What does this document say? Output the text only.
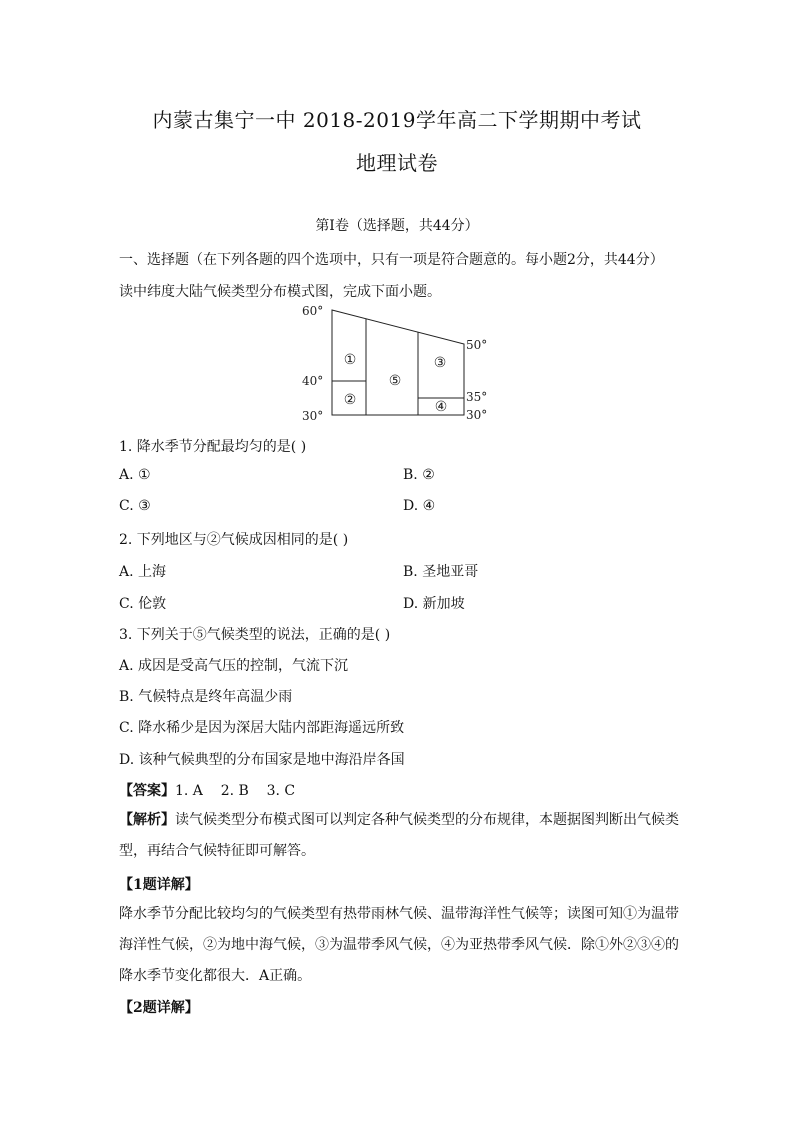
内蒙古集宁一中 2018-2019学年高二下学期期中考试
地理试卷
第Ⅰ卷（选择题，共44分）
一、选择题（在下列各题的四个选项中，只有一项是符合题意的。每小题2分，共44分）
读中纬度大陆气候类型分布模式图，完成下面小题。
60°
50°
40°
35°
30°	30°
①
②
③
④
⑤
1. 降水季节分配最均匀的是( )
A. ①	B. ②
C. ③	D. ④
2. 下列地区与②气候成因相同的是( )
A. 上海	B. 圣地亚哥
C. 伦敦	D. 新加坡
3. 下列关于⑤气候类型的说法，正确的是( )
A. 成因是受高气压的控制，气流下沉
B. 气候特点是终年高温少雨
C. 降水稀少是因为深居大陆内部距海遥远所致
D. 该种气候典型的分布国家是地中海沿岸各国
【答案】1. A    2. B    3. C
【解析】读气候类型分布模式图可以判定各种气候类型的分布规律，本题据图判断出气候类型，再结合气候特征即可解答。
【1题详解】
降水季节分配比较均匀的气候类型有热带雨林气候、温带海洋性气候等；读图可知①为温带海洋性气候，②为地中海气候，③为温带季风气候，④为亚热带季风气候．除①外②③④的降水季节变化都很大．A正确。
【2题详解】
